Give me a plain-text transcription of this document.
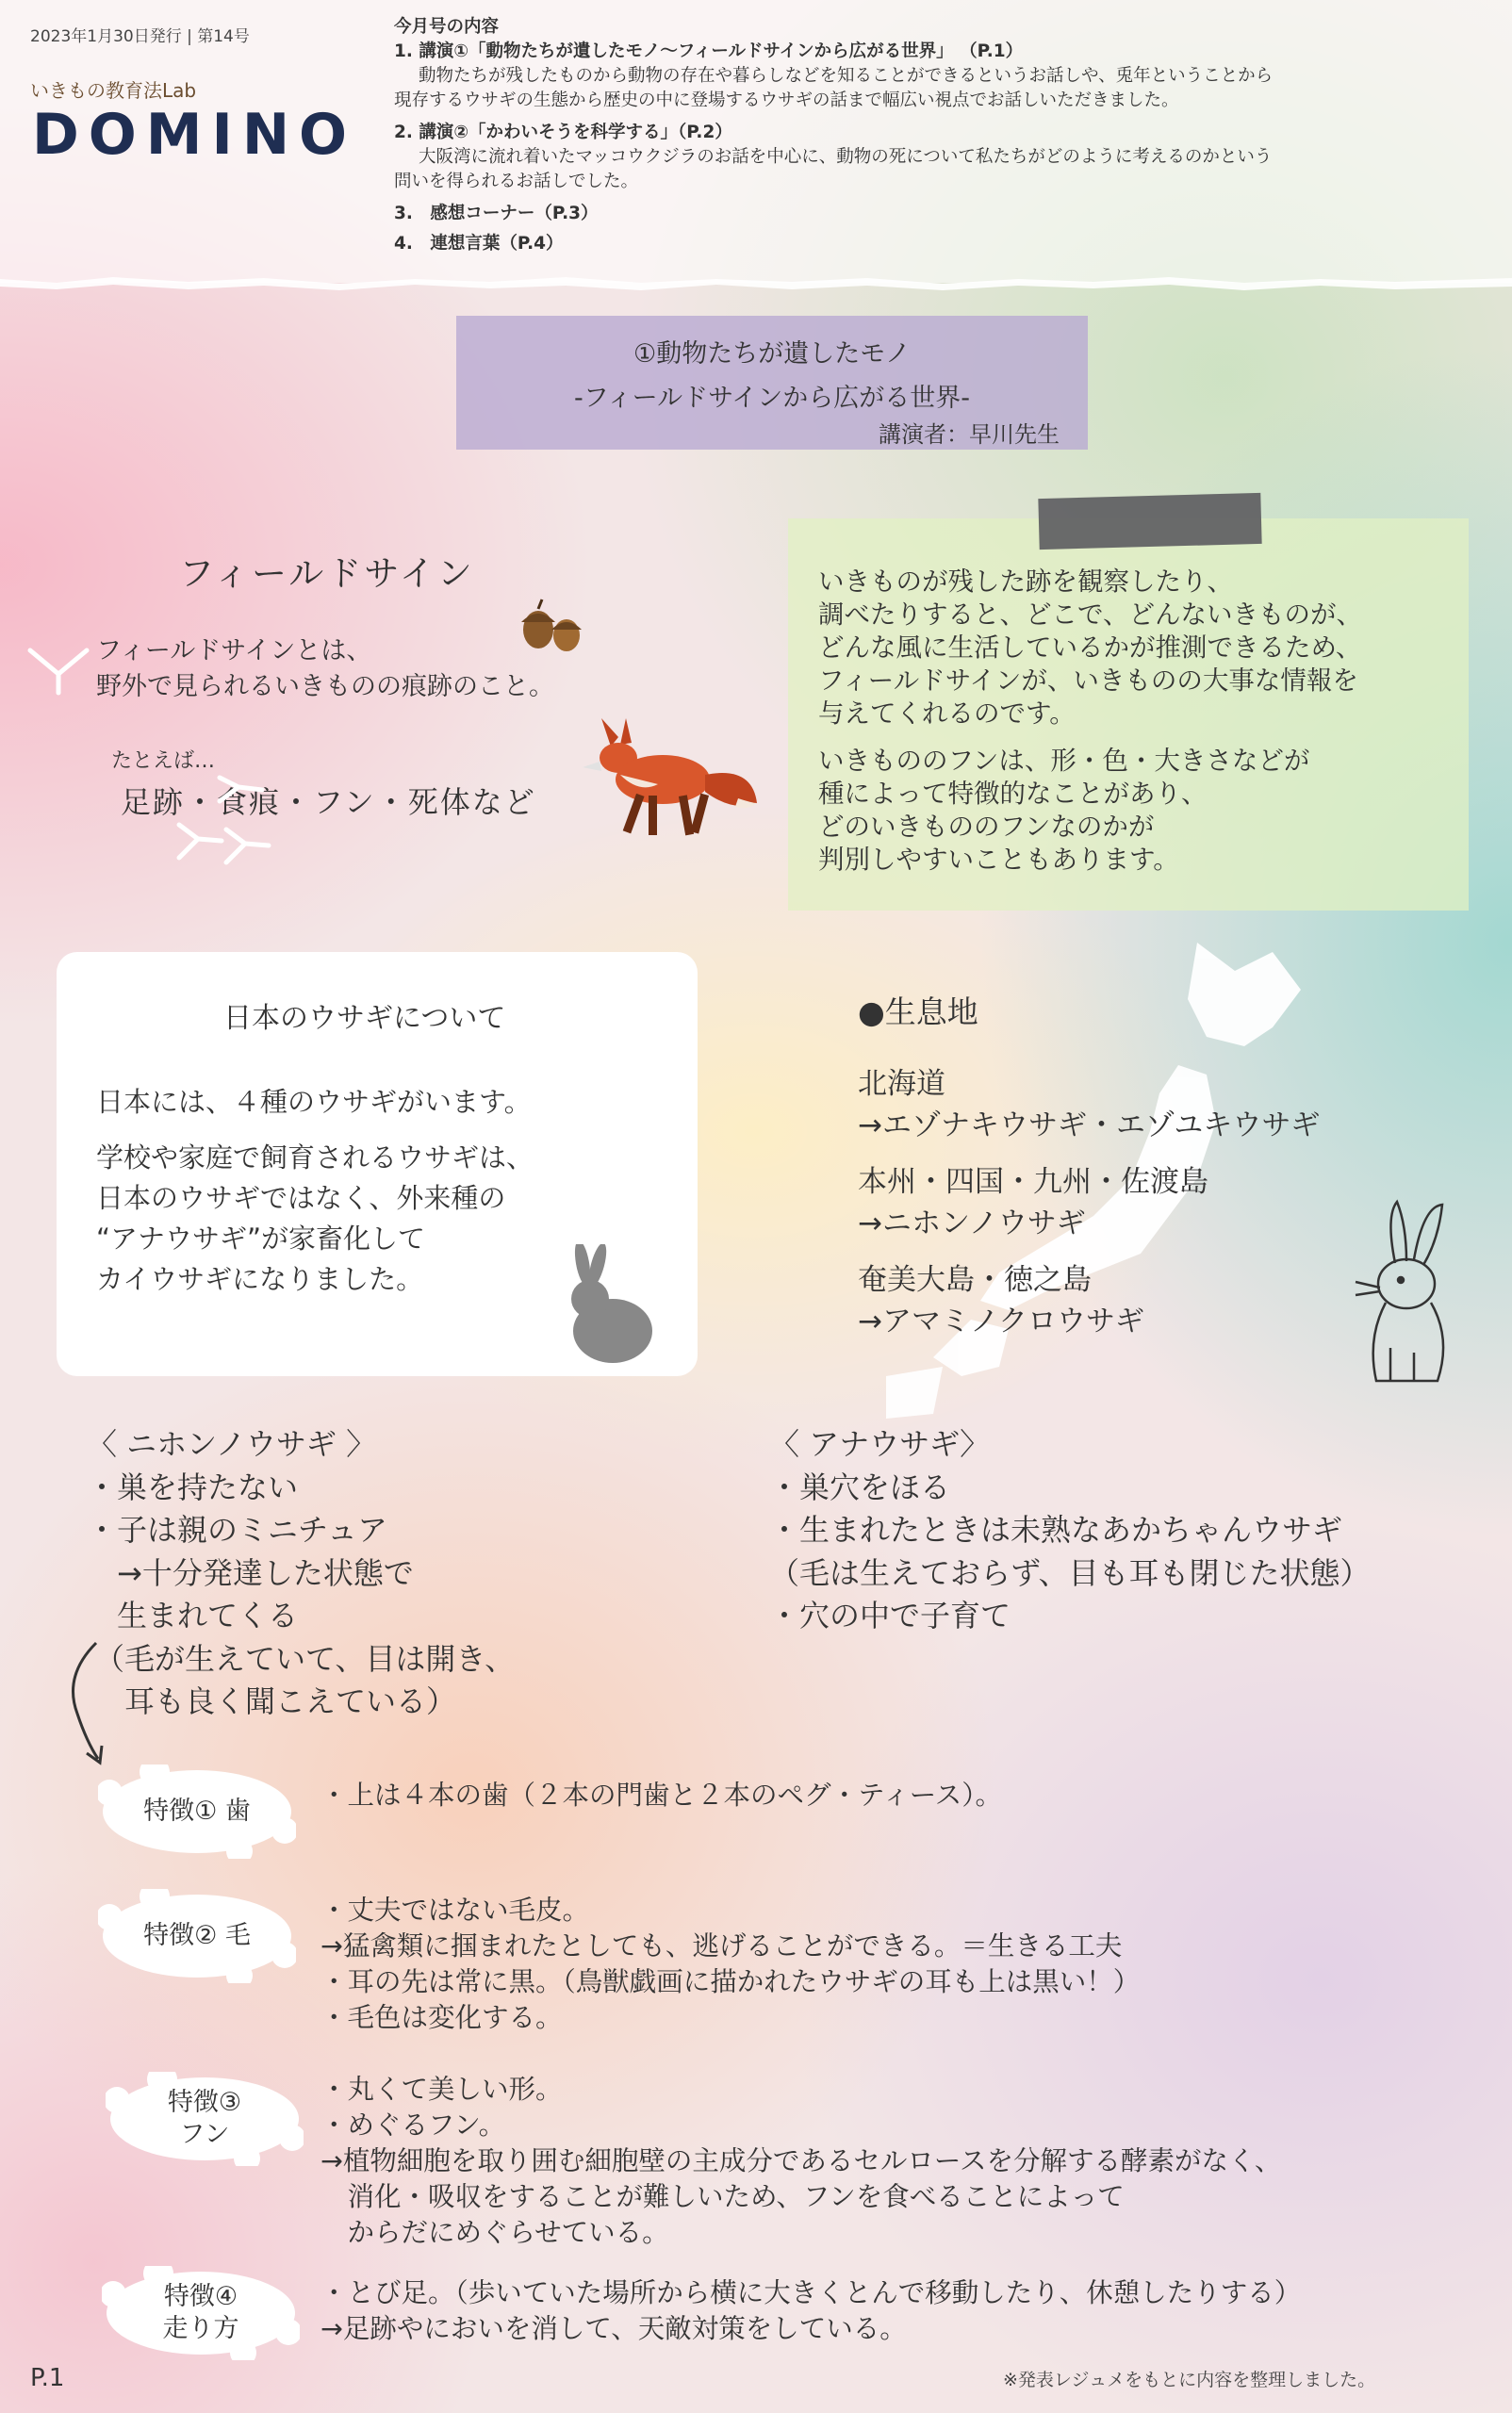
2023年1月30日発行 | 第14号
いきもの教育法Lab
DOMINO
今月号の内容
1. 講演①「動物たちが遺したモノ～フィールドサインから広がる世界」 （P.1）
動物たちが残したものから動物の存在や暮らしなどを知ることができるというお話しや、兎年ということから
現存するウサギの生態から歴史の中に登場するウサギの話まで幅広い視点でお話しいただきました。
2. 講演②「かわいそうを科学する」（P.2）
大阪湾に流れ着いたマッコウクジラのお話を中心に、動物の死について私たちがどのように考えるのかという
問いを得られるお話しでした。
3.　感想コーナー（P.3）
4.　連想言葉（P.4）
①動物たちが遺したモノ
-フィールドサインから広がる世界-
講演者：早川先生
フィールドサイン
フィールドサインとは、
野外で見られるいきものの痕跡のこと。
たとえば…
足跡・食痕・フン・死体など

いきものが残した跡を観察したり、
調べたりすると、どこで、どんないきものが、
どんな風に生活しているかが推測できるため、
フィールドサインが、いきものの大事な情報を
与えてくれるのです。

いきもののフンは、形・色・大きさなどが
種によって特徴的なことがあり、
どのいきもののフンなのかが
判別しやすいこともあります。

日本のウサギについて
日本には、４種のウサギがいます。
学校や家庭で飼育されるウサギは、
日本のウサギではなく、外来種の
“アナウサギ”が家畜化して
カイウサギになりました。
●生息地
北海道
→エゾナキウサギ・エゾユキウサギ
本州・四国・九州・佐渡島
→ニホンノウサギ
奄美大島・徳之島
→アマミノクロウサギ
〈 ニホンノウサギ 〉
・巣を持たない
・子は親のミニチュア
　→十分発達した状態で
　生まれてくる
（毛が生えていて、目は開き、
　耳も良く聞こえている）
〈 アナウサギ〉
・巣穴をほる
・生まれたときは未熟なあかちゃんウサギ
（毛は生えておらず、目も耳も閉じた状態）
・穴の中で子育て
特徴① 歯
・上は４本の歯（２本の門歯と２本のペグ・ティース）。
特徴② 毛
・丈夫ではない毛皮。
→猛禽類に掴まれたとしても、逃げることができる。＝生きる工夫
・耳の先は常に黒。（鳥獣戯画に描かれたウサギの耳も上は黒い！）
・毛色は変化する。
特徴③
フン
・丸くて美しい形。
・めぐるフン。
→植物細胞を取り囲む細胞壁の主成分であるセルロースを分解する酵素がなく、
　消化・吸収をすることが難しいため、フンを食べることによって
　からだにめぐらせている。
特徴④
走り方
・とび足。（歩いていた場所から横に大きくとんで移動したり、休憩したりする）
→足跡やにおいを消して、天敵対策をしている。
P.1	※発表レジュメをもとに内容を整理しました。
